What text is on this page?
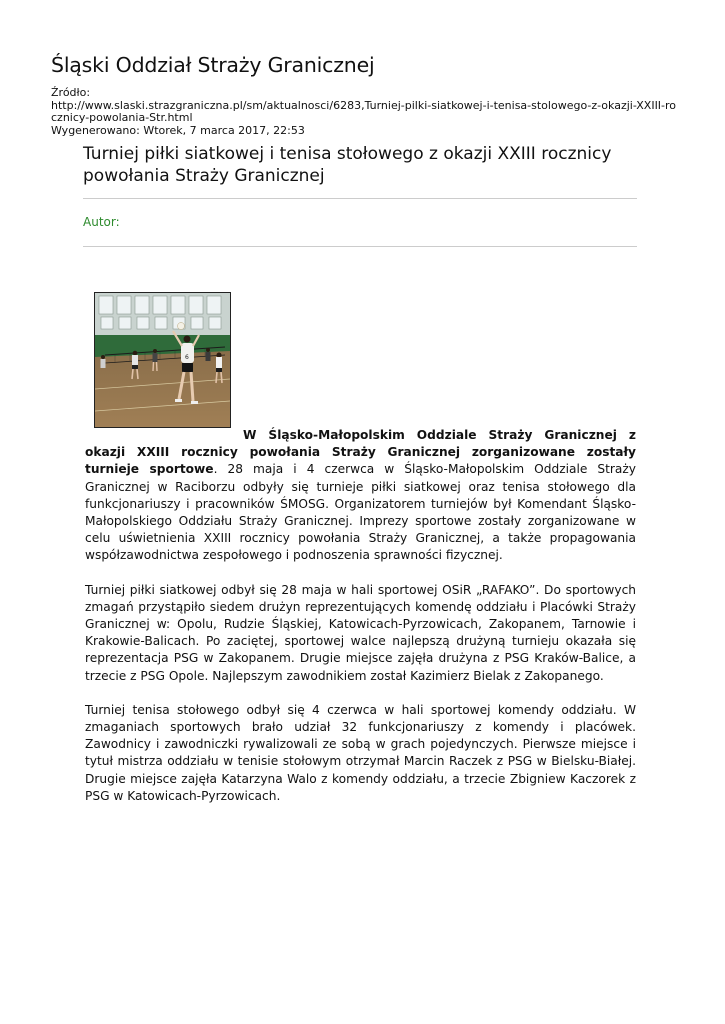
Śląski Oddział Straży Granicznej
Źródło:

http://www.slaski.strazgraniczna.pl/sm/aktualnosci/6283,Turniej-pilki-siatkowej-i-tenisa-stolowego-z-okazji-XXIII-rocznicy-powolania-Str.html
Wygenerowano: Wtorek, 7 marca 2017, 22:53
Turniej piłki siatkowej i tenisa stołowego z okazji XXIII rocznicy powołania Straży Granicznej
Autor:
6

W Śląsko-Małopolskim Oddziale Straży Granicznej z okazji XXIII rocznicy powołania Straży Granicznej zorganizowane zostały turnieje sportowe. 28 maja i 4 czerwca w Śląsko-Małopolskim Oddziale Straży Granicznej w Raciborzu odbyły się turnieje piłki siatkowej oraz tenisa stołowego dla funkcjonariuszy i pracowników ŚMOSG. Organizatorem turniejów był Komendant Śląsko-Małopolskiego Oddziału Straży Granicznej. Imprezy sportowe zostały zorganizowane w celu uświetnienia XXIII rocznicy powołania Straży Granicznej, a także propagowania współzawodnictwa zespołowego i podnoszenia sprawności fizycznej.

Turniej piłki siatkowej odbył się 28 maja w hali sportowej OSiR „RAFAKO”. Do sportowych zmagań przystąpiło siedem drużyn reprezentujących komendę oddziału i Placówki Straży Granicznej w: Opolu, Rudzie Śląskiej, Katowicach-Pyrzowicach, Zakopanem, Tarnowie i Krakowie-Balicach. Po zaciętej, sportowej walce najlepszą drużyną turnieju okazała się reprezentacja PSG w Zakopanem. Drugie miejsce zajęła drużyna z PSG Kraków-Balice, a trzecie z PSG Opole. Najlepszym zawodnikiem został Kazimierz Bielak z Zakopanego.

Turniej tenisa stołowego odbył się 4 czerwca w hali sportowej komendy oddziału. W zmaganiach sportowych brało udział 32 funkcjonariuszy z komendy i placówek. Zawodnicy i zawodniczki rywalizowali ze sobą w grach pojedynczych. Pierwsze miejsce i tytuł mistrza oddziału w tenisie stołowym otrzymał Marcin Raczek z PSG w Bielsku-Białej. Drugie miejsce zajęła Katarzyna Walo z komendy oddziału, a trzecie Zbigniew Kaczorek z PSG w Katowicach-Pyrzowicach.
